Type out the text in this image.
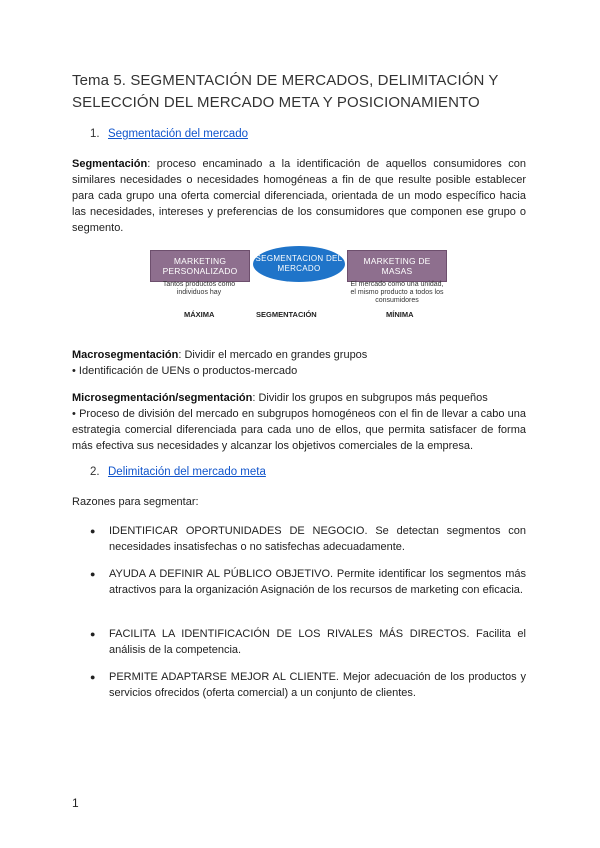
Tema 5. SEGMENTACIÓN DE MERCADOS, DELIMITACIÓN Y SELECCIÓN DEL MERCADO META Y POSICIONAMIENTO
1. Segmentación del mercado
Segmentación: proceso encaminado a la identificación de aquellos consumidores con similares necesidades o necesidades homogéneas a fin de que resulte posible establecer para cada grupo una oferta comercial diferenciada, orientada de un modo específico hacia las necesidades, intereses y preferencias de los consumidores que componen ese grupo o segmento.
MARKETING PERSONALIZADO
SEGMENTACION DEL MERCADO
MARKETING DE MASAS
Tantos productos como individuos hay
El mercado como una unidad, el mismo producto a todos los consumidores
MÁXIMA	SEGMENTACIÓN	MÍNIMA
Macrosegmentación: Dividir el mercado en grandes grupos
• Identificación de UENs o productos-mercado
Microsegmentación/segmentación: Dividir los grupos en subgrupos más pequeños
• Proceso de división del mercado en subgrupos homogéneos con el fin de llevar a cabo una estrategia comercial diferenciada para cada uno de ellos, que permita satisfacer de forma más efectiva sus necesidades y alcanzar los objetivos comerciales de la empresa.
2. Delimitación del mercado meta
Razones para segmentar:
● IDENTIFICAR OPORTUNIDADES DE NEGOCIO. Se detectan segmentos con necesidades insatisfechas o no satisfechas adecuadamente.
● AYUDA A DEFINIR AL PÚBLICO OBJETIVO. Permite identificar los segmentos más atractivos para la organización Asignación de los recursos de marketing con eficacia.
● FACILITA LA IDENTIFICACIÓN DE LOS RIVALES MÁS DIRECTOS. Facilita el análisis de la competencia.
● PERMITE ADAPTARSE MEJOR AL CLIENTE. Mejor adecuación de los productos y servicios ofrecidos (oferta comercial) a un conjunto de clientes.
1
